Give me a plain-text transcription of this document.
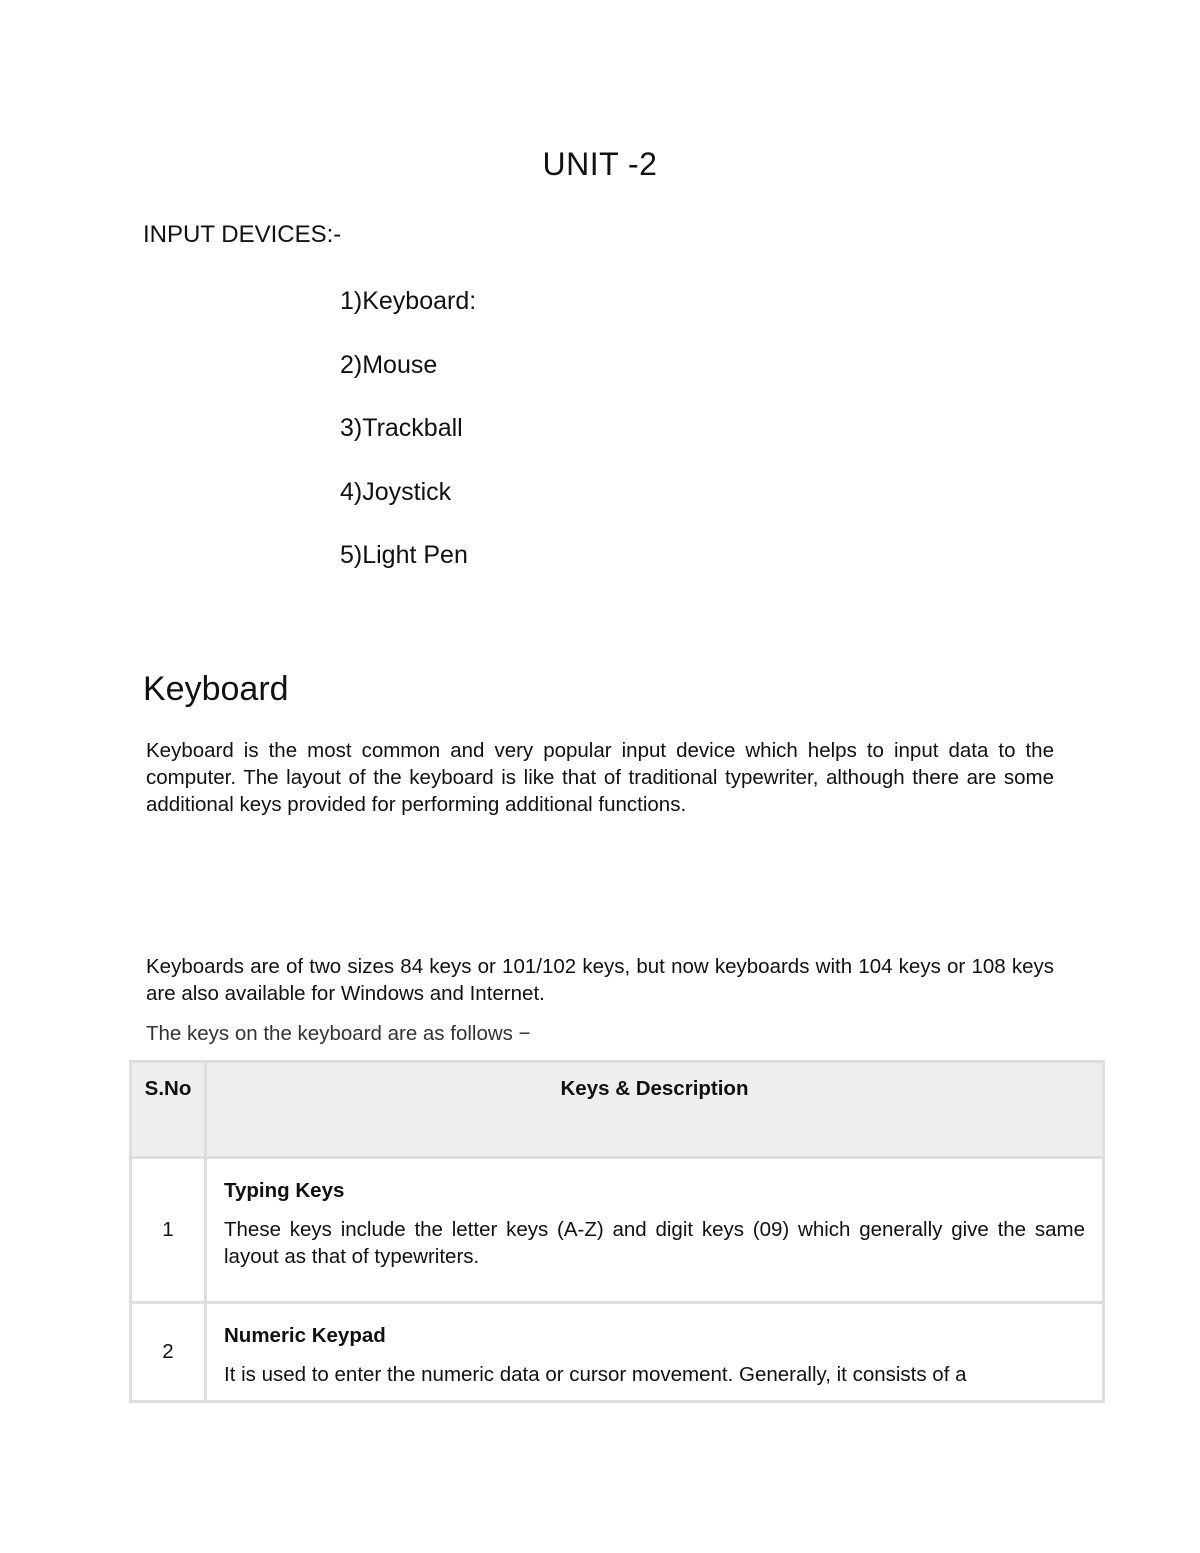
UNIT -2
INPUT DEVICES:-
1)Keyboard:
2)Mouse
3)Trackball
4)Joystick
5)Light Pen
Keyboard

Keyboard is the most common and very popular input device which helps to input data to the computer. The layout of the keyboard is like that of traditional typewriter, although there are some additional keys provided for performing additional functions.

Keyboards are of two sizes 84 keys or 101/102 keys, but now keyboards with 104 keys or 108 keys are also available for Windows and Internet.

The keys on the keyboard are as follows −

S.No	Keys & Description
1	Typing Keys
These keys include the letter keys (A-Z) and digit keys (09) which generally give the same layout as that of typewriters.

2	Numeric Keypad
It is used to enter the numeric data or cursor movement. Generally, it consists of a
